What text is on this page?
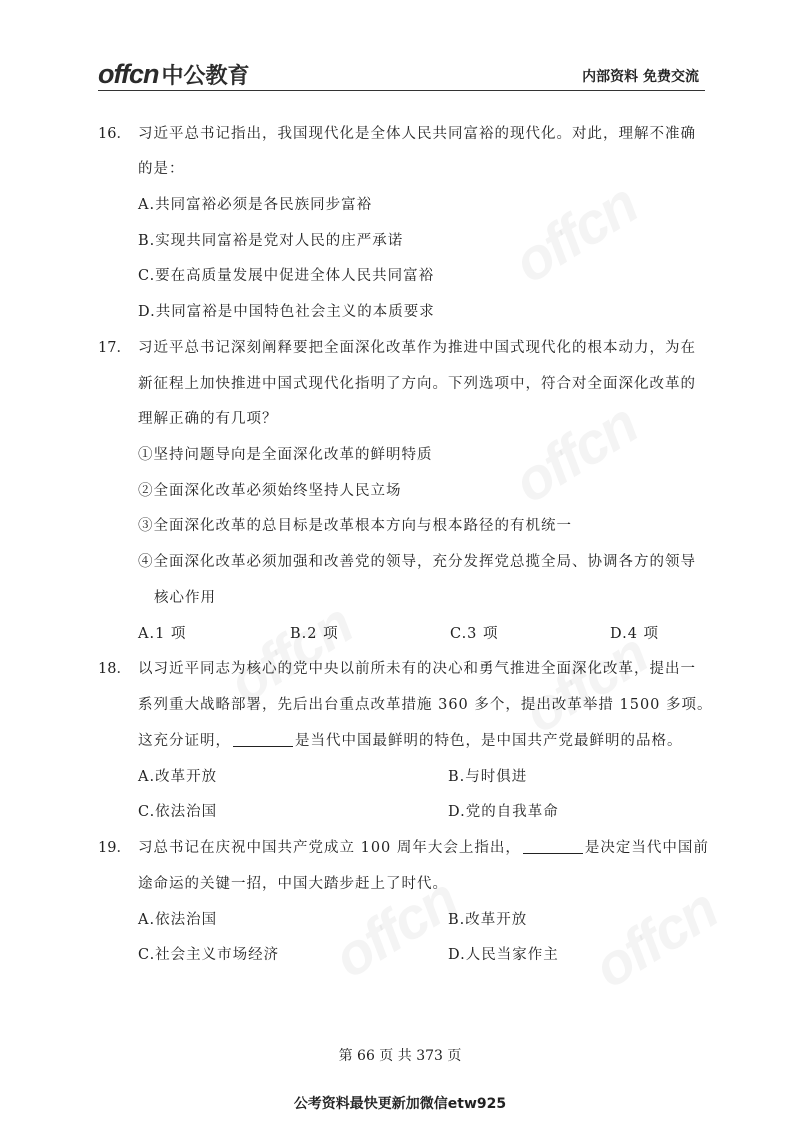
offcn 中公教育	内部资料 免费交流
16． 习近平总书记指出，我国现代化是全体人民共同富裕的现代化。对此，理解不准确
的是：
A.共同富裕必须是各民族同步富裕
B.实现共同富裕是党对人民的庄严承诺
C.要在高质量发展中促进全体人民共同富裕
D.共同富裕是中国特色社会主义的本质要求
17． 习近平总书记深刻阐释要把全面深化改革作为推进中国式现代化的根本动力，为在
新征程上加快推进中国式现代化指明了方向。下列选项中，符合对全面深化改革的
理解正确的有几项？
①坚持问题导向是全面深化改革的鲜明特质
②全面深化改革必须始终坚持人民立场
③全面深化改革的总目标是改革根本方向与根本路径的有机统一
④全面深化改革必须加强和改善党的领导，充分发挥党总揽全局、协调各方的领导
核心作用
A.1 项	B.2 项	C.3 项	D.4 项
18． 以习近平同志为核心的党中央以前所未有的决心和勇气推进全面深化改革，提出一
系列重大战略部署，先后出台重点改革措施 360 多个，提出改革举措 1500 多项。
这充分证明，	是当代中国最鲜明的特色，是中国共产党最鲜明的品格。
A.改革开放	B.与时俱进
C.依法治国	D.党的自我革命
19． 习总书记在庆祝中国共产党成立 100 周年大会上指出，	是决定当代中国前
途命运的关键一招，中国大踏步赶上了时代。
A.依法治国	B.改革开放
C.社会主义市场经济	D.人民当家作主
第 66 页 共 373 页
公考资料最快更新加微信etw925
